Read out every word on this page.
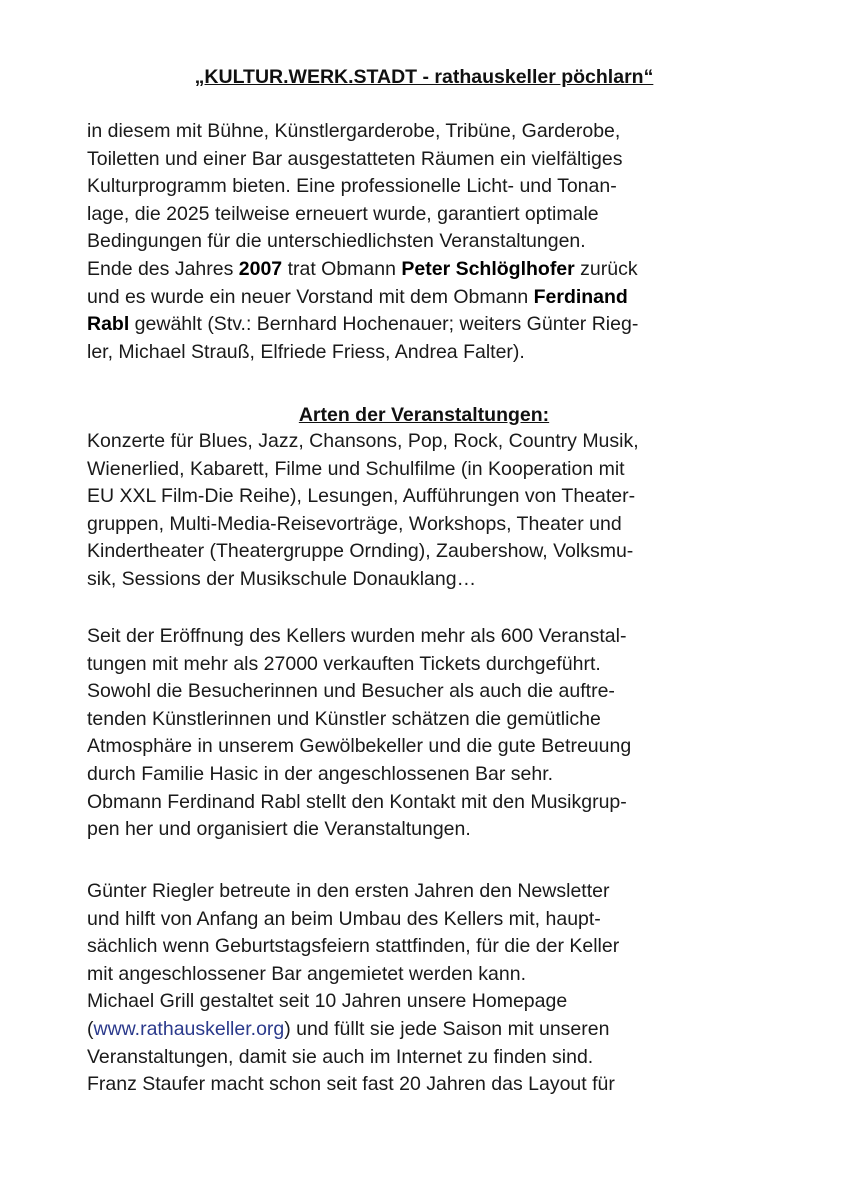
„KULTUR.WERK.STADT - rathauskeller pöchlarn“
in diesem mit Bühne, Künstlergarderobe, Tribüne, Garderobe,
Toiletten und einer Bar ausgestatteten Räumen ein vielfältiges
Kulturprogramm bieten. Eine professionelle Licht- und Tonan-
lage, die 2025 teilweise erneuert wurde, garantiert optimale
Bedingungen für die unterschiedlichsten Veranstaltungen.
Ende des Jahres 2007 trat Obmann Peter Schlöglhofer zurück
und es wurde ein neuer Vorstand mit dem Obmann Ferdinand
Rabl gewählt (Stv.: Bernhard Hochenauer; weiters Günter Rieg-
ler, Michael Strauß, Elfriede Friess, Andrea Falter).
Arten der Veranstaltungen:
Konzerte für Blues, Jazz, Chansons, Pop, Rock, Country Musik,
Wienerlied, Kabarett, Filme und Schulfilme (in Kooperation mit
EU XXL Film-Die Reihe), Lesungen, Aufführungen von Theater-
gruppen, Multi-Media-Reisevorträge, Workshops, Theater und
Kindertheater (Theatergruppe Ornding), Zaubershow, Volksmu-
sik, Sessions der Musikschule Donauklang…
Seit der Eröffnung des Kellers wurden mehr als 600 Veranstal-
tungen mit mehr als 27000 verkauften Tickets durchgeführt.
Sowohl die Besucherinnen und Besucher als auch die auftre-
tenden Künstlerinnen und Künstler schätzen die gemütliche
Atmosphäre in unserem Gewölbekeller und die gute Betreuung
durch Familie Hasic in der angeschlossenen Bar sehr.
Obmann Ferdinand Rabl stellt den Kontakt mit den Musikgrup-
pen her und organisiert die Veranstaltungen.
Günter Riegler betreute in den ersten Jahren den Newsletter
und hilft von Anfang an beim Umbau des Kellers mit, haupt-
sächlich wenn Geburtstagsfeiern stattfinden, für die der Keller
mit angeschlossener Bar angemietet werden kann.
Michael Grill gestaltet seit 10 Jahren unsere Homepage
(www.rathauskeller.org) und füllt sie jede Saison mit unseren
Veranstaltungen, damit sie auch im Internet zu finden sind.
Franz Staufer macht schon seit fast 20 Jahren das Layout für
